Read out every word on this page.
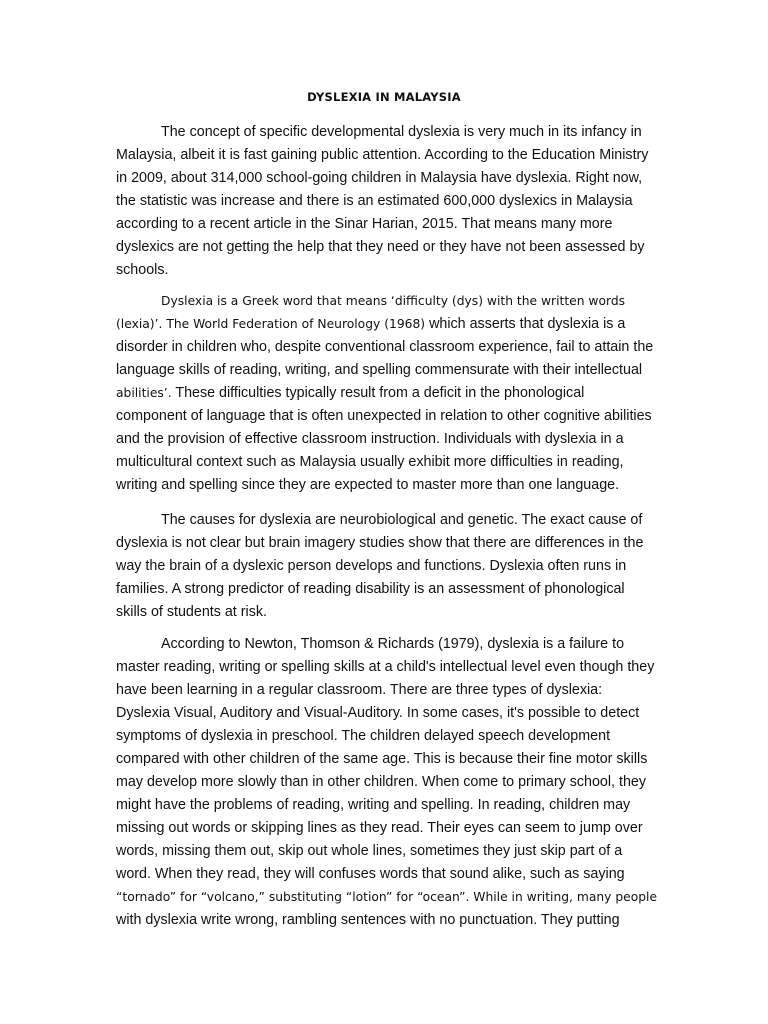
DYSLEXIA IN MALAYSIA
The concept of specific developmental dyslexia is very much in its infancy in
Malaysia, albeit it is fast gaining public attention. According to the Education Ministry
in 2009, about 314,000 school-going children in Malaysia have dyslexia. Right now,
the statistic was increase and there is an estimated 600,000 dyslexics in Malaysia
according to a recent article in the Sinar Harian, 2015. That means many more
dyslexics are not getting the help that they need or they have not been assessed by
schools.
Dyslexia is a Greek word that means ‘difficulty (dys) with the written words
(lexia)’. The World Federation of Neurology (1968) which asserts that dyslexia is a
disorder in children who, despite conventional classroom experience, fail to attain the
language skills of reading, writing, and spelling commensurate with their intellectual
abilities’. These difficulties typically result from a deficit in the phonological
component of language that is often unexpected in relation to other cognitive abilities
and the provision of effective classroom instruction. Individuals with dyslexia in a
multicultural context such as Malaysia usually exhibit more difficulties in reading,
writing and spelling since they are expected to master more than one language.
The causes for dyslexia are neurobiological and genetic. The exact cause of
dyslexia is not clear but brain imagery studies show that there are differences in the
way the brain of a dyslexic person develops and functions. Dyslexia often runs in
families. A strong predictor of reading disability is an assessment of phonological
skills of students at risk.
According to Newton, Thomson & Richards (1979), dyslexia is a failure to
master reading, writing or spelling skills at a child's intellectual level even though they
have been learning in a regular classroom. There are three types of dyslexia:
Dyslexia Visual, Auditory and Visual-Auditory. In some cases, it's possible to detect
symptoms of dyslexia in preschool. The children delayed speech development
compared with other children of the same age. This is because their fine motor skills
may develop more slowly than in other children. When come to primary school, they
might have the problems of reading, writing and spelling. In reading, children may
missing out words or skipping lines as they read. Their eyes can seem to jump over
words, missing them out, skip out whole lines, sometimes they just skip part of a
word. When they read, they will confuses words that sound alike, such as saying
“tornado” for “volcano,” substituting “lotion” for “ocean”. While in writing, many people
with dyslexia write wrong, rambling sentences with no punctuation. They putting
